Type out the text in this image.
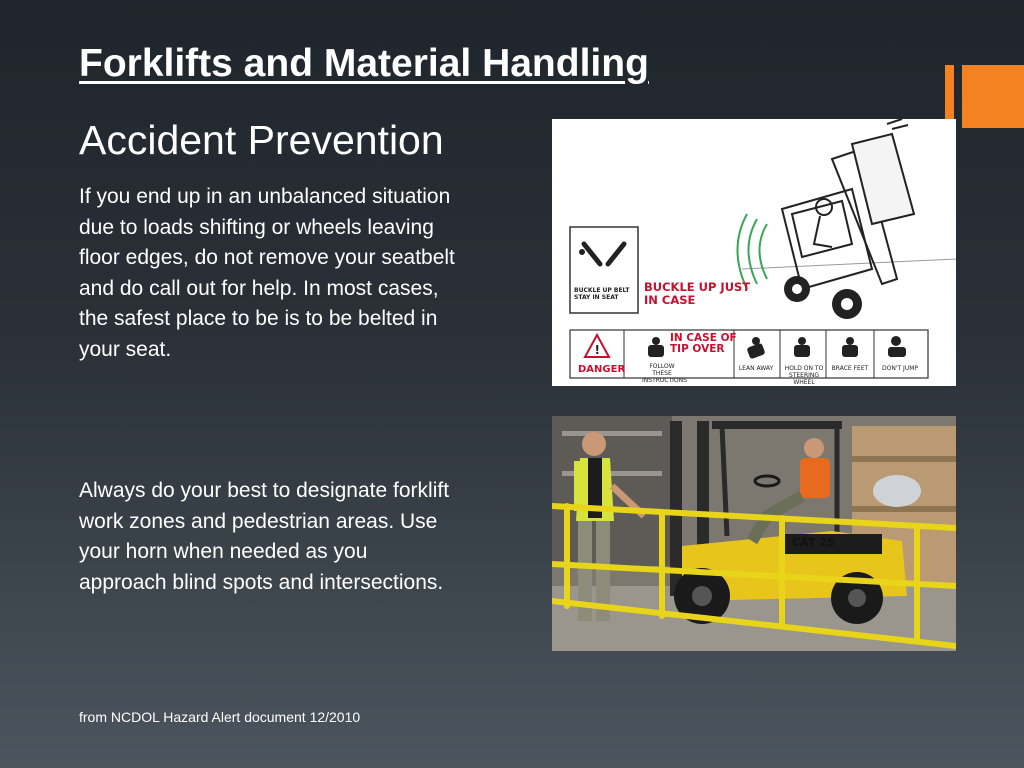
Forklifts and Material Handling
Accident Prevention

If you end up in an unbalanced situation due to loads shifting or wheels leaving floor edges, do not remove your seatbelt and do call out for help. In most cases, the safest place to be is to be belted in your seat.

Always do your best to designate forklift work zones and pedestrian areas. Use your horn when needed as you approach blind spots and intersections.

from NCDOL Hazard Alert document 12/2010

!
BUCKLE UP BELT STAY IN SEAT
BUCKLE UP JUST IN CASE
IN CASE OF TIP OVER
DANGER	FOLLOW THESE INSTRUCTIONS
LEAN AWAY	HOLD ON TO STEERING WHEEL
BRACE FEET	DON'T JUMP
CAT 25
